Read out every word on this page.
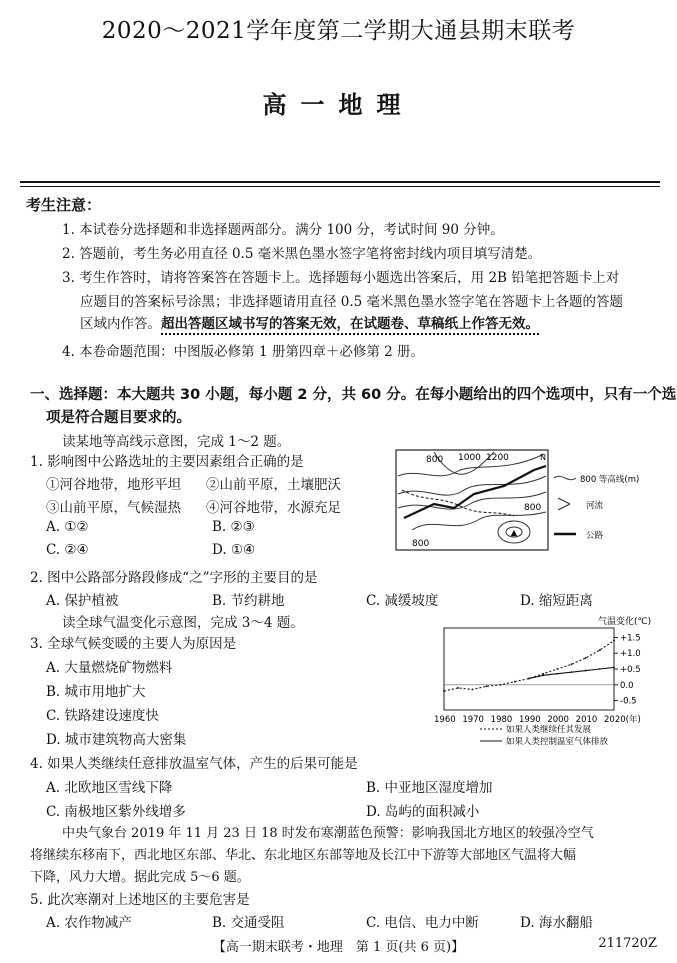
2020～2021学年度第二学期大通县期末联考
高一地理
考生注意：
1. 本试卷分选择题和非选择题两部分。满分 100 分，考试时间 90 分钟。
2. 答题前，考生务必用直径 0.5 毫米黑色墨水签字笔将密封线内项目填写清楚。
3. 考生作答时，请将答案答在答题卡上。选择题每小题选出答案后，用 2B 铅笔把答题卡上对
应题目的答案标号涂黑；非选择题请用直径 0.5 毫米黑色墨水签字笔在答题卡上各题的答题
区域内作答。超出答题区域书写的答案无效，在试题卷、草稿纸上作答无效。
4. 本卷命题范围：中图版必修第 1 册第四章＋必修第 2 册。
一、选择题：本大题共 30 小题，每小题 2 分，共 60 分。在每小题给出的四个选项中，只有一个选
项是符合题目要求的。
读某地等高线示意图，完成 1～2 题。
1. 影响图中公路选址的主要因素组合正确的是
①河谷地带，地形平坦 ②山前平原，土壤肥沃
③山前平原，气候湿热 ④河谷地带，水源充足
A. ①②	B. ②③
C. ②④	D. ①④
▲
800 1000 1200
800
800
N
800 等高线(m)
河流
公路
2. 图中公路部分路段修成“之”字形的主要目的是
A. 保护植被	B. 节约耕地	C. 减缓坡度	D. 缩短距离
读全球气温变化示意图，完成 3～4 题。
3. 全球气候变暖的主要人为原因是
A. 大量燃烧矿物燃料
B. 城市用地扩大
C. 铁路建设速度快
D. 城市建筑物高大密集
气温变化(℃)
+1.5
+1.0
+0.5
0.0
-0.5
1960 1970 1980 1990 2000 2010 2020(年)
如果人类继续任其发展
如果人类控制温室气体排放
4. 如果人类继续任意排放温室气体，产生的后果可能是
A. 北欧地区雪线下降	B. 中亚地区湿度增加
C. 南极地区紫外线增多	D. 岛屿的面积减小
中央气象台 2019 年 11 月 23 日 18 时发布寒潮蓝色预警：影响我国北方地区的较强冷空气
将继续东移南下，西北地区东部、华北、东北地区东部等地及长江中下游等大部地区气温将大幅
下降，风力大增。据此完成 5～6 题。
5. 此次寒潮对上述地区的主要危害是
A. 农作物减产	B. 交通受阻	C. 电信、电力中断	D. 海水翻船
【高一期末联考・地理　第 1 页(共 6 页)】	211720Z
